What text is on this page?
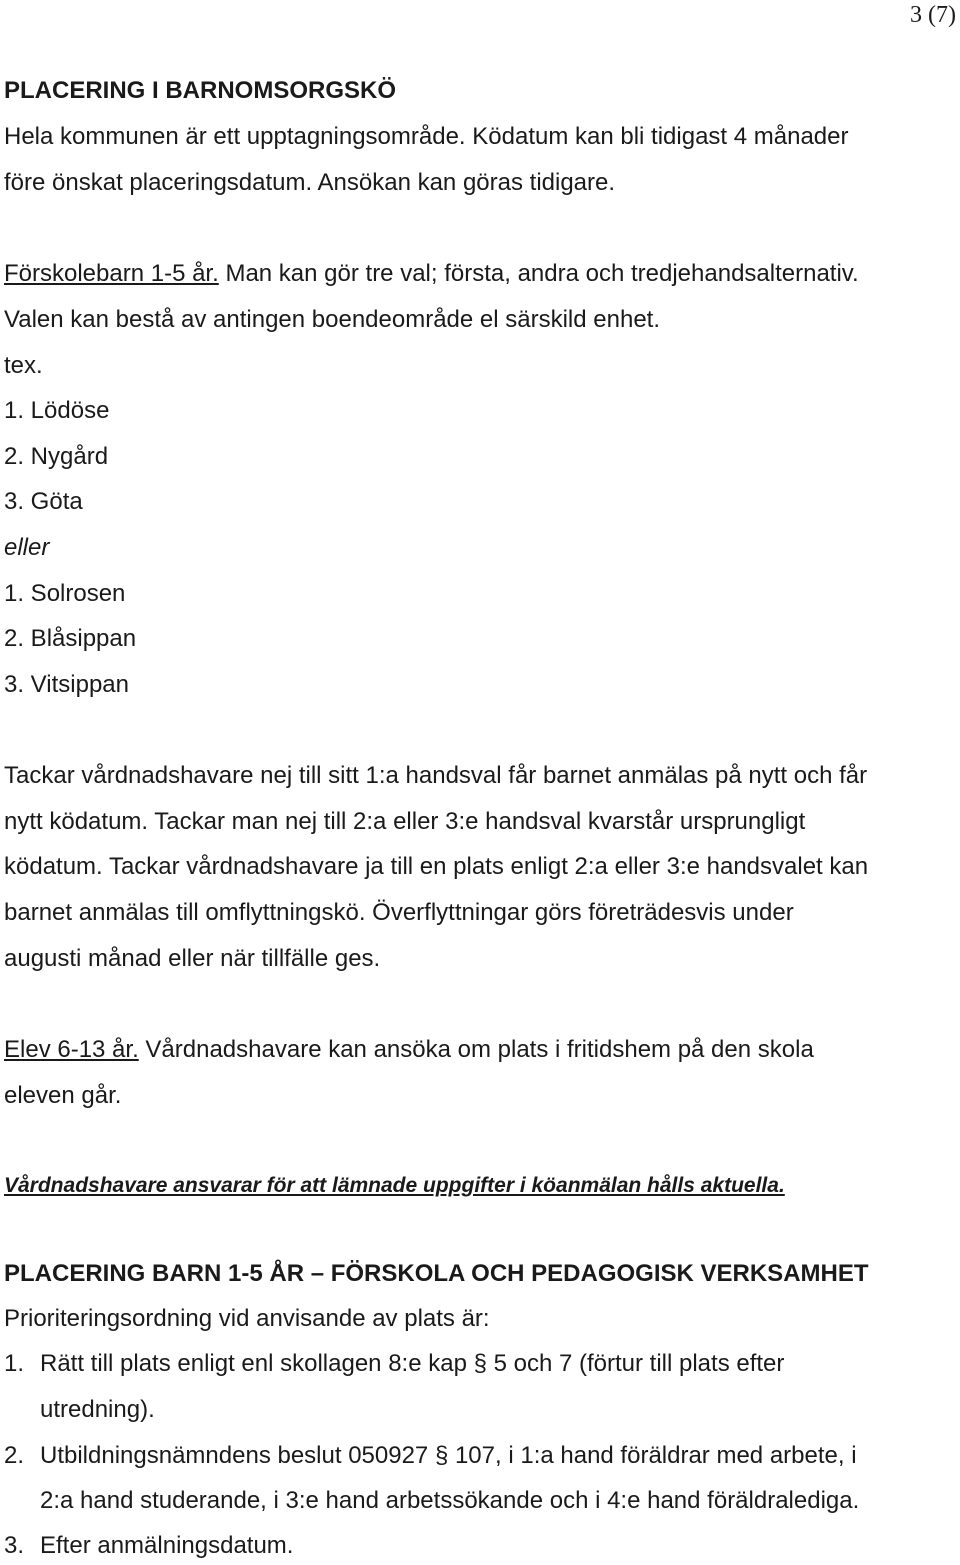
3 (7)
PLACERING I BARNOMSORGSKÖ
Hela kommunen är ett upptagningsområde. Ködatum kan bli tidigast 4 månader
före önskat placeringsdatum. Ansökan kan göras tidigare.
Förskolebarn 1-5 år. Man kan gör tre val; första, andra och tredjehandsalternativ.
Valen kan bestå av antingen boendeområde el särskild enhet.
tex.
1. Lödöse
2. Nygård
3. Göta
eller
1. Solrosen
2. Blåsippan
3. Vitsippan
Tackar vårdnadshavare nej till sitt 1:a handsval får barnet anmälas på nytt och får
nytt ködatum. Tackar man nej till 2:a eller 3:e handsval kvarstår ursprungligt
ködatum. Tackar vårdnadshavare ja till en plats enligt 2:a eller 3:e handsvalet kan
barnet anmälas till omflyttningskö. Överflyttningar görs företrädesvis under
augusti månad eller när tillfälle ges.
Elev 6-13 år. Vårdnadshavare kan ansöka om plats i fritidshem på den skola
eleven går.
Vårdnadshavare ansvarar för att lämnade uppgifter i köanmälan hålls aktuella.
PLACERING BARN 1-5 ÅR – FÖRSKOLA OCH PEDAGOGISK VERKSAMHET
Prioriteringsordning vid anvisande av plats är:
1. Rätt till plats enligt enl skollagen 8:e kap § 5 och 7 (förtur till plats efter
utredning).
2. Utbildningsnämndens beslut 050927 § 107, i 1:a hand föräldrar med arbete, i
2:a hand studerande, i 3:e hand arbetssökande och i 4:e hand föräldralediga.
3. Efter anmälningsdatum.
